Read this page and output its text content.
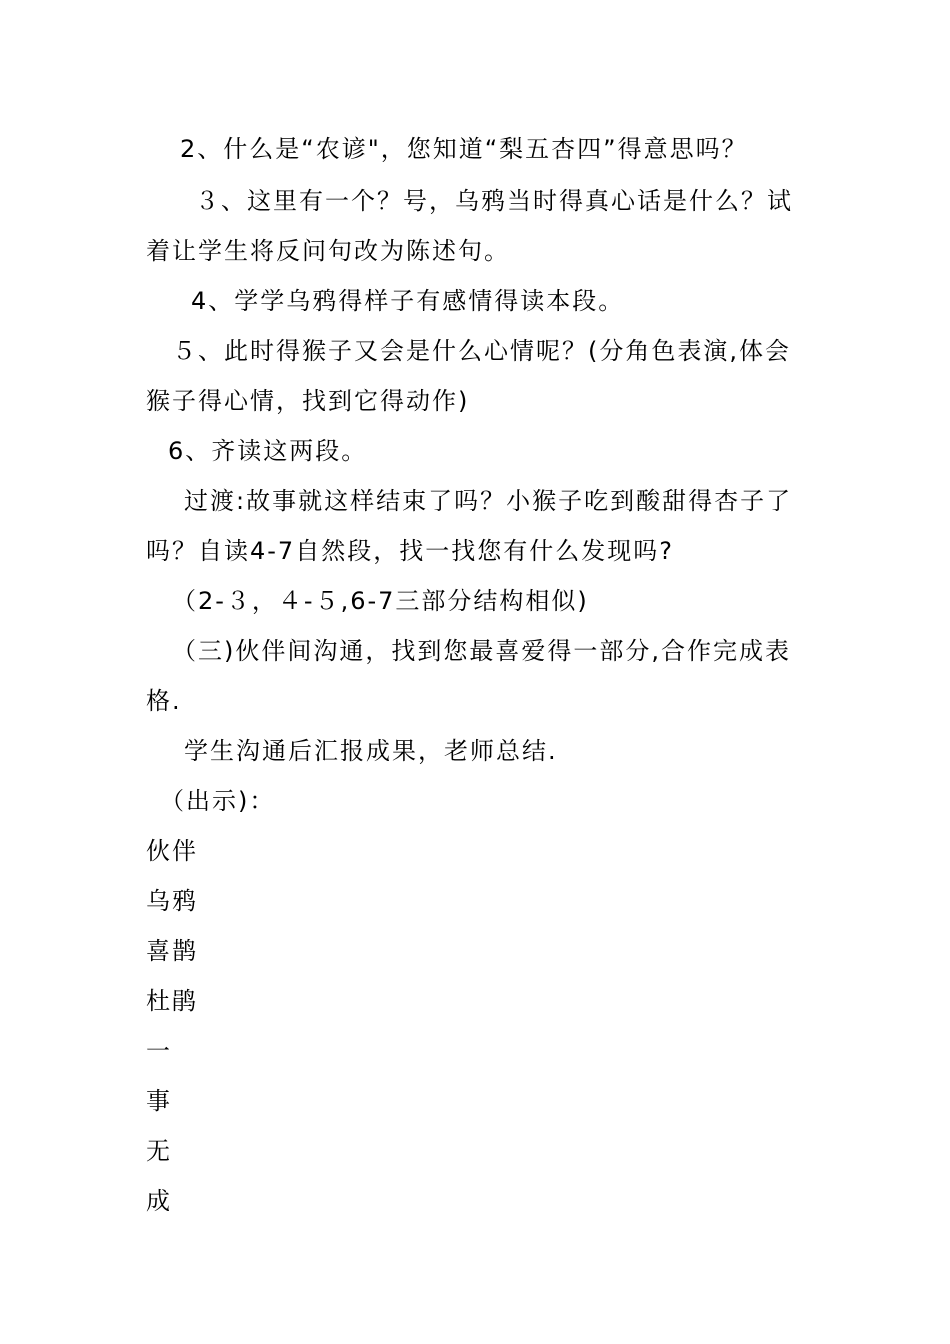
2、什么是“农谚"，您知道“梨五杏四”得意思吗？
３、这里有一个？号，乌鸦当时得真心话是什么？试
着让学生将反问句改为陈述句。
4、学学乌鸦得样子有感情得读本段。
５、此时得猴子又会是什么心情呢？(分角色表演,体会
猴子得心情，找到它得动作)
6、齐读这两段。
过渡:故事就这样结束了吗？小猴子吃到酸甜得杏子了
吗？自读4-7自然段，找一找您有什么发现吗?
（2-３，４-５,6-7三部分结构相似)
（三)伙伴间沟通，找到您最喜爱得一部分,合作完成表
格.
学生沟通后汇报成果，老师总结.
（出示)：
伙伴
乌鸦
喜鹊
杜鹃
一
事
无
成
